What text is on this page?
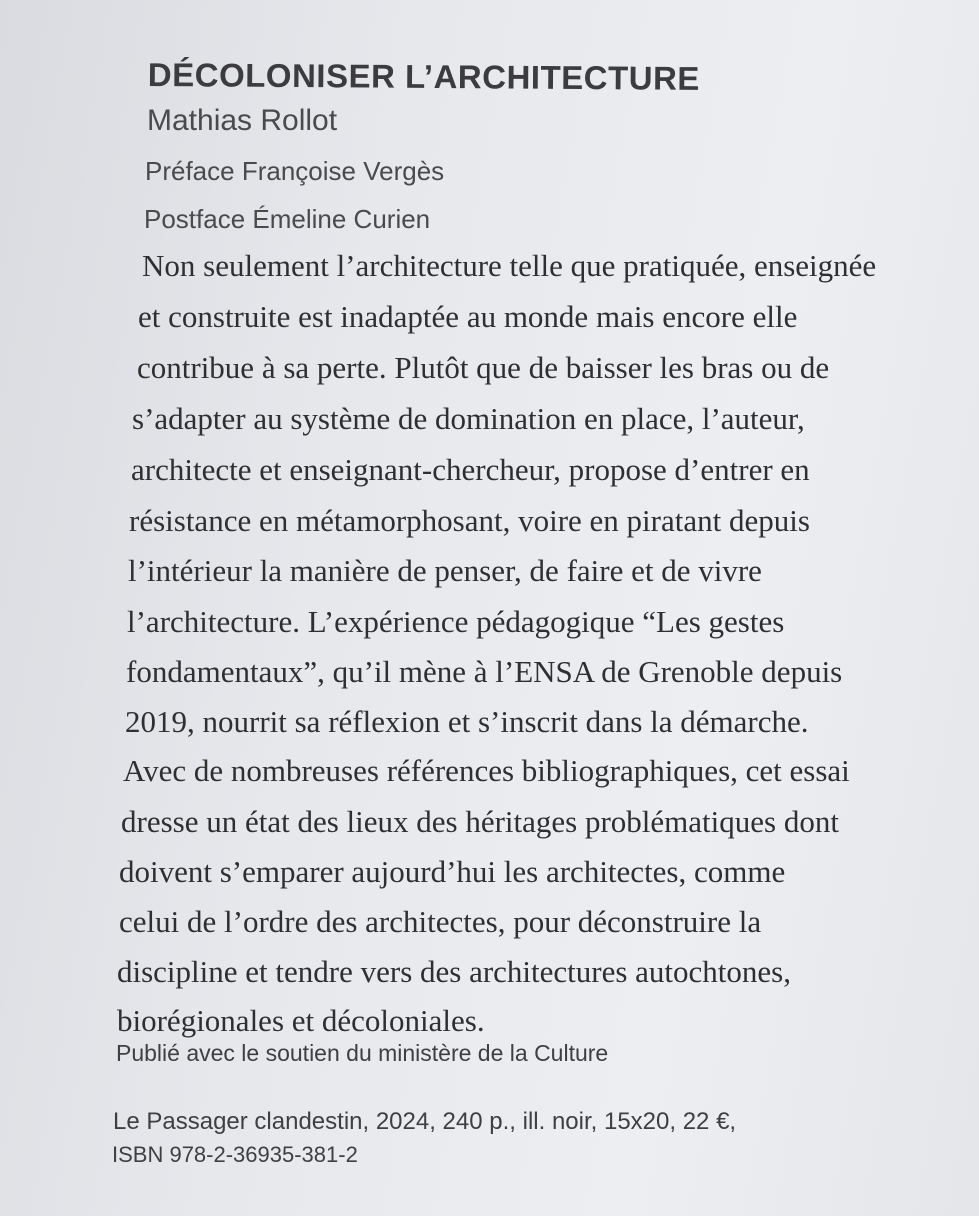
DÉCOLONISER L’ARCHITECTURE
Mathias Rollot
Préface Françoise Vergès
Postface Émeline Curien
Non seulement l’architecture telle que pratiquée, enseignée
et construite est inadaptée au monde mais encore elle
contribue à sa perte. Plutôt que de baisser les bras ou de
s’adapter au système de domination en place, l’auteur,
architecte et enseignant-chercheur, propose d’entrer en
résistance en métamorphosant, voire en piratant depuis
l’intérieur la manière de penser, de faire et de vivre
l’architecture. L’expérience pédagogique “Les gestes
fondamentaux”, qu’il mène à l’ENSA de Grenoble depuis
2019, nourrit sa réflexion et s’inscrit dans la démarche.
Avec de nombreuses références bibliographiques, cet essai
dresse un état des lieux des héritages problématiques dont
doivent s’emparer aujourd’hui les architectes, comme
celui de l’ordre des architectes, pour déconstruire la
discipline et tendre vers des architectures autochtones,
biorégionales et décoloniales.
Publié avec le soutien du ministère de la Culture
Le Passager clandestin, 2024, 240 p., ill. noir, 15x20, 22 €,
ISBN 978-2-36935-381-2
